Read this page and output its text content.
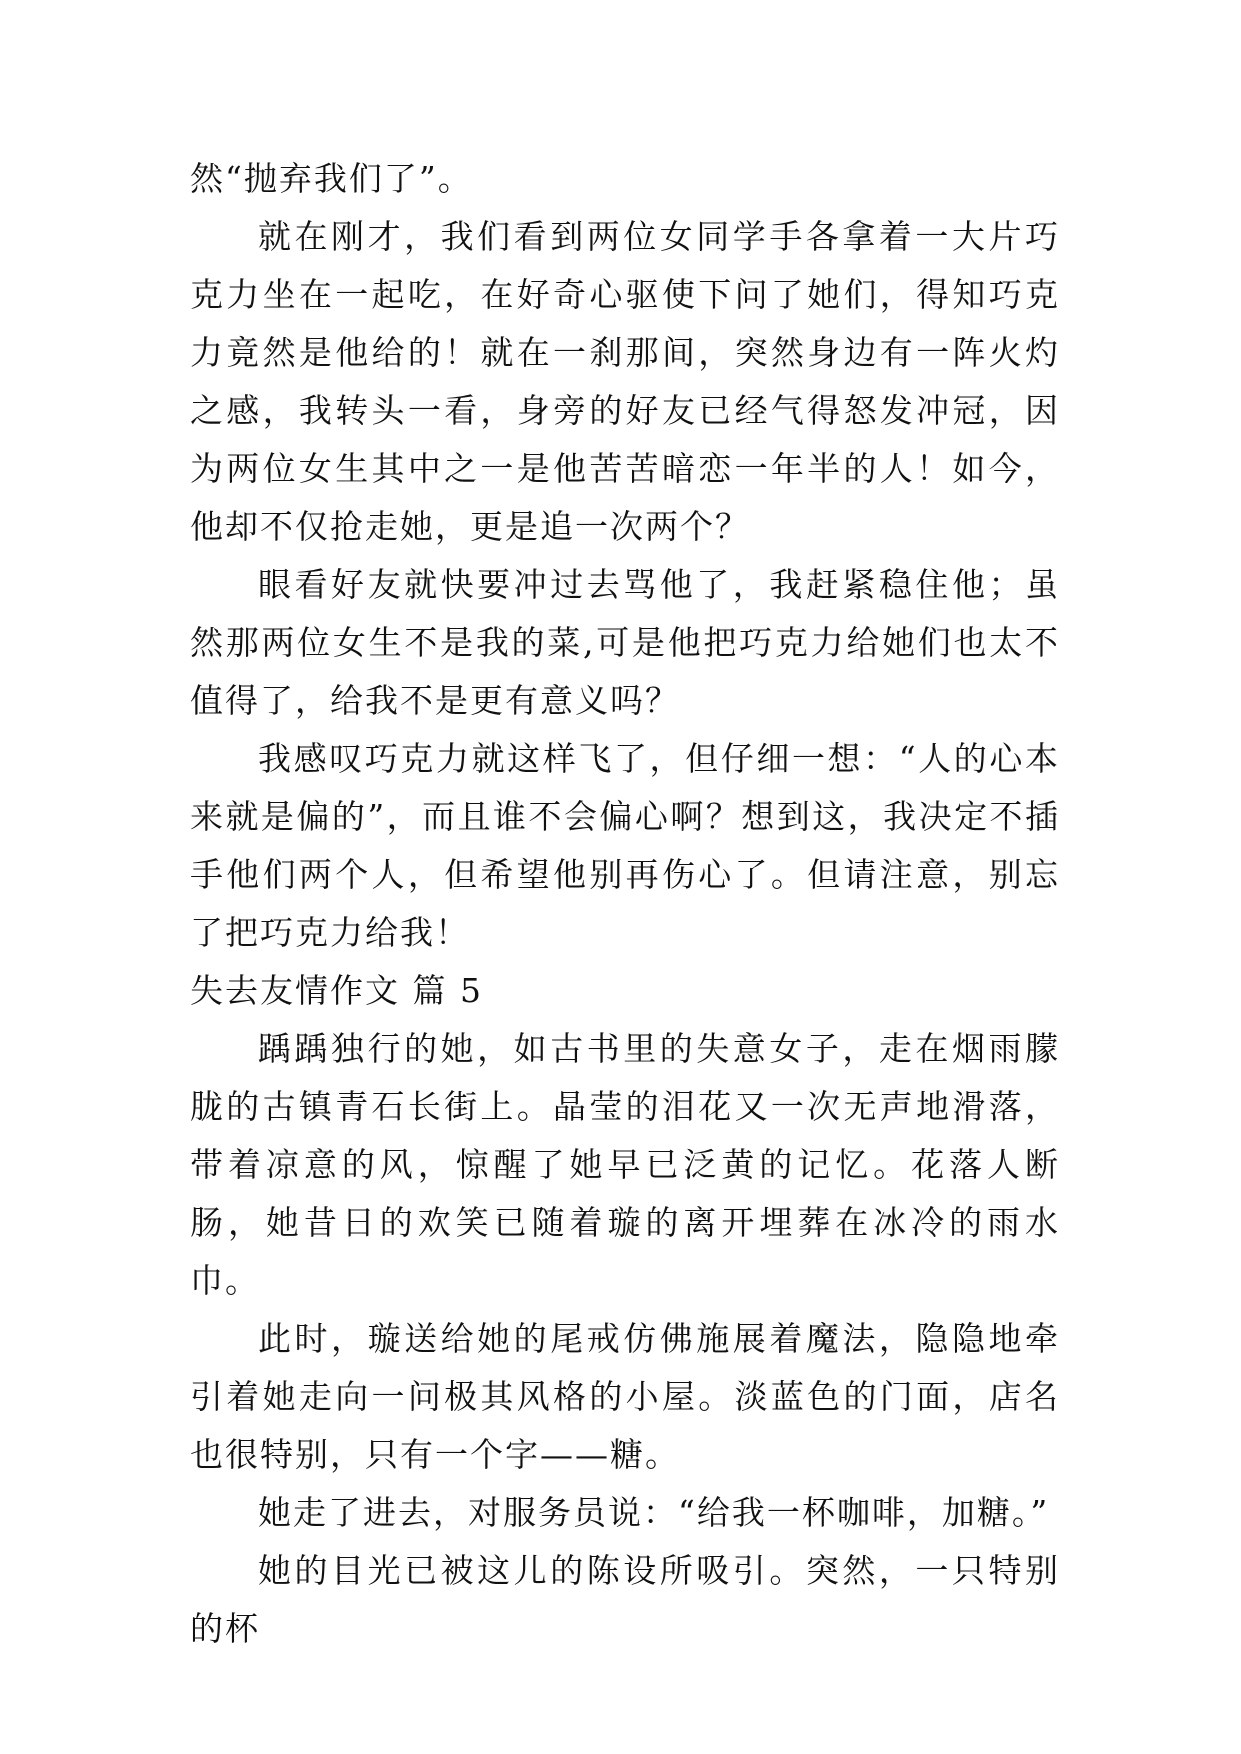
然“抛弃我们了”。

就在刚才，我们看到两位女同学手各拿着一大片巧克力坐在一起吃，在好奇心驱使下问了她们，得知巧克力竟然是他给的！就在一刹那间，突然身边有一阵火灼之感，我转头一看，身旁的好友已经气得怒发冲冠，因为两位女生其中之一是他苦苦暗恋一年半的人！如今，他却不仅抢走她，更是追一次两个？

眼看好友就快要冲过去骂他了，我赶紧稳住他；虽然那两位女生不是我的菜,可是他把巧克力给她们也太不值得了，给我不是更有意义吗？

我感叹巧克力就这样飞了，但仔细一想：“人的心本来就是偏的”，而且谁不会偏心啊？想到这，我决定不插手他们两个人，但希望他别再伤心了。但请注意，别忘了把巧克力给我！

失去友情作文 篇 5

踽踽独行的她，如古书里的失意女子，走在烟雨朦胧的古镇青石长街上。晶莹的泪花又一次无声地滑落，带着凉意的风，惊醒了她早已泛黄的记忆。花落人断肠，她昔日的欢笑已随着璇的离开埋葬在冰冷的雨水巾。

此时，璇送给她的尾戒仿佛施展着魔法，隐隐地牵引着她走向一问极其风格的小屋。淡蓝色的门面，店名也很特别，只有一个字——糖。

她走了进去，对服务员说：“给我一杯咖啡，加糖。”

她的目光已被这儿的陈设所吸引。突然，一只特别的杯
